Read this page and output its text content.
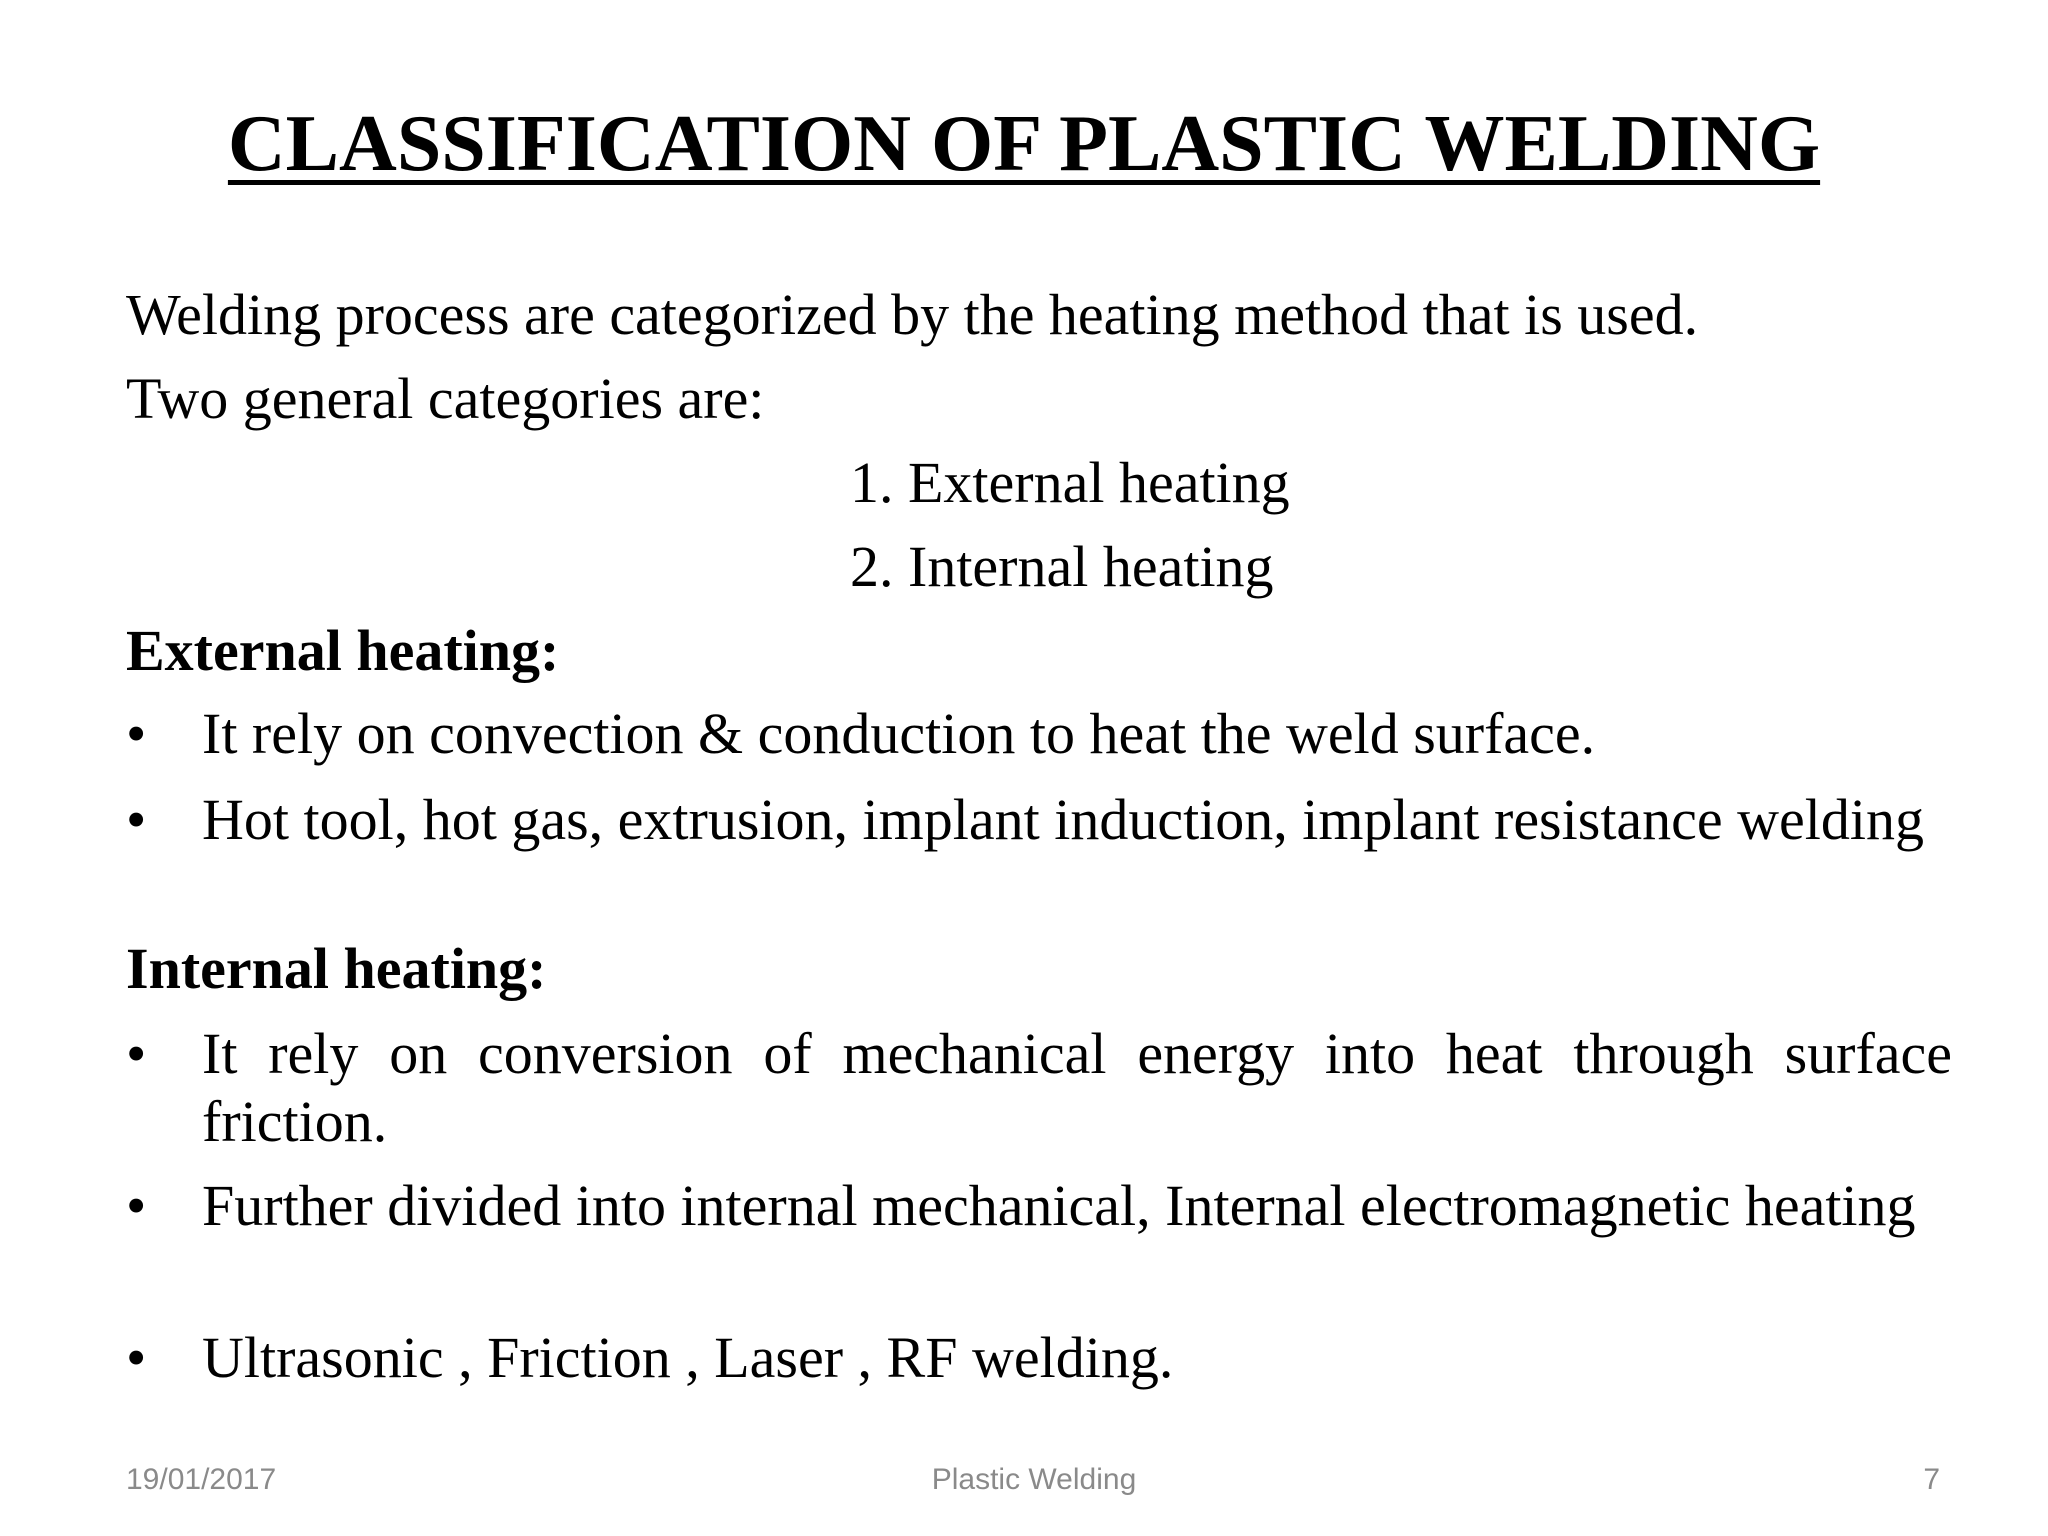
CLASSIFICATION OF PLASTIC WELDING
Welding process are categorized by the heating method that is used.
Two general categories are:
1. External heating
2. Internal heating
External heating:
• It rely on convection & conduction to heat the weld surface.
• Hot tool, hot gas, extrusion, implant induction, implant resistance welding
Internal heating:
• It rely on conversion of mechanical energy into heat through surface friction.
• Further divided into internal mechanical, Internal electromagnetic heating
• Ultrasonic , Friction , Laser , RF welding.
19/01/2017	Plastic Welding	7
